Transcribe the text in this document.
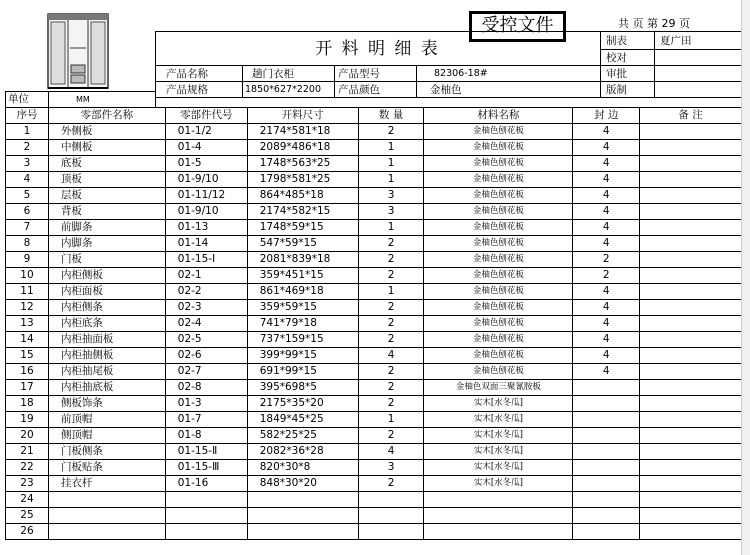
受控文件	共 页 第 29 页
开 料 明 细 表	制表	夏广田
校对
审批
版制
产品名称	趟门衣柜	产品型号	82306-18#
产品规格	1850*627*2200 产品颜色	金柚色
单位	MM
序号	零部件名称	零部件代号	开料尺寸	数 量	材料名称	封 边	备 注
1	外侧板	01-1/2	2174*581*18	2	金柚色刨花板	4	
2	中侧板	01-4	2089*486*18	1	金柚色刨花板	4	
3	底板	01-5	1748*563*25	1	金柚色刨花板	4	
4	顶板	01-9/10	1798*581*25	1	金柚色刨花板	4	
5	层板	01-11/12	864*485*18	3	金柚色刨花板	4	
6	背板	01-9/10	2174*582*15	3	金柚色刨花板	4	
7	前脚条	01-13	1748*59*15	1	金柚色刨花板	4	
8	内脚条	01-14	547*59*15	2	金柚色刨花板	4	
9	门板	01-15-Ⅰ	2081*839*18	2	金柚色刨花板	2	
10	内柜侧板	02-1	359*451*15	2	金柚色刨花板	2	
11	内柜面板	02-2	861*469*18	1	金柚色刨花板	4	
12	内柜侧条	02-3	359*59*15	2	金柚色刨花板	4	
13	内柜底条	02-4	741*79*18	2	金柚色刨花板	4	
14	内柜抽面板	02-5	737*159*15	2	金柚色刨花板	4	
15	内柜抽侧板	02-6	399*99*15	4	金柚色刨花板	4	
16	内柜抽尾板	02-7	691*99*15	2	金柚色刨花板	4	
17	内柜抽底板	02-8	395*698*5	2	金柚色双面三聚氰胺板		
18	侧板饰条	01-3	2175*35*20	2	实木[水冬瓜]		
19	前顶帽	01-7	1849*45*25	1	实木[水冬瓜]		
20	侧顶帽	01-8	582*25*25	2	实木[水冬瓜]		
21	门板侧条	01-15-Ⅱ	2082*36*28	4	实木[水冬瓜]		
22	门板贴条	01-15-Ⅲ	820*30*8	3	实木[水冬瓜]		
23	挂衣杆	01-16	848*30*20	2	实木[水冬瓜]		
24							
25							
26							
